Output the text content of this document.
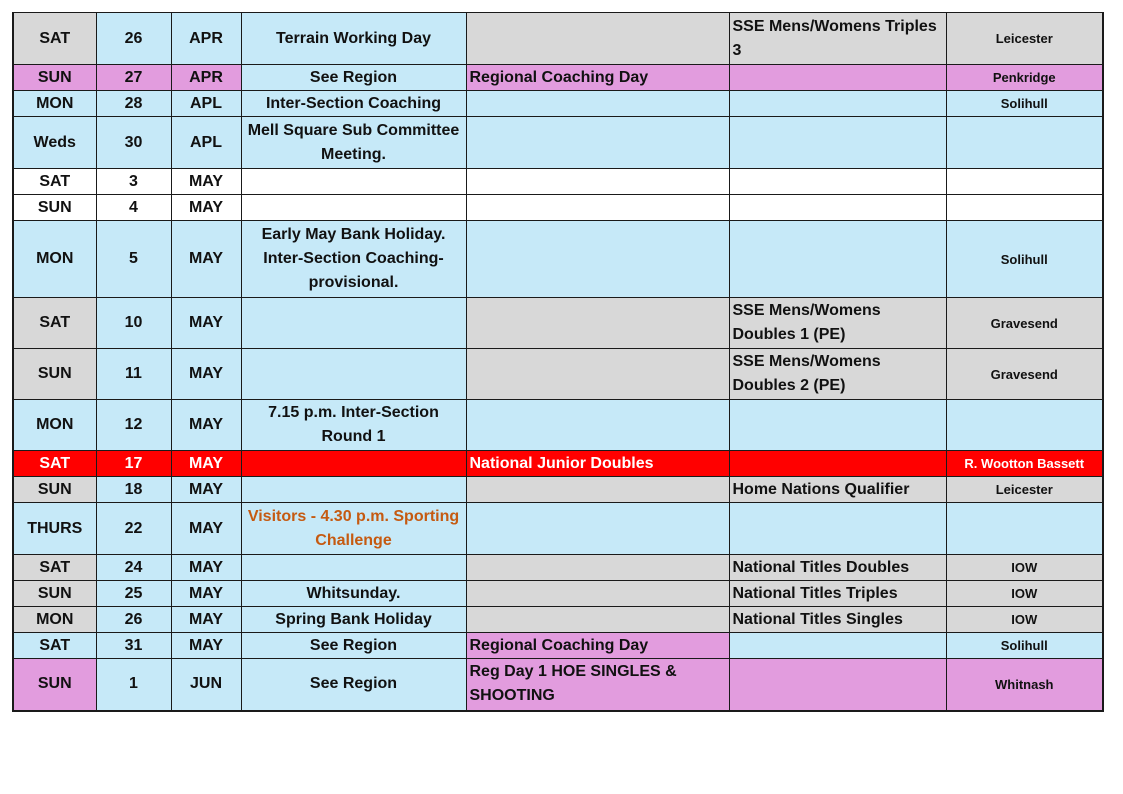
SAT	26	APR	Terrain Working Day		SSE Mens/Womens Triples 3	Leicester
SUN	27	APR	See Region	Regional Coaching Day		Penkridge
MON	28	APL	Inter-Section Coaching			Solihull
Weds	30	APL	Mell Square Sub Committee Meeting.			
SAT	3	MAY				
SUN	4	MAY				
MON	5	MAY	Early May Bank Holiday. Inter-Section Coaching-provisional.			Solihull
SAT	10	MAY			SSE Mens/Womens Doubles 1 (PE)	Gravesend
SUN	11	MAY			SSE Mens/Womens Doubles 2 (PE)	Gravesend
MON	12	MAY	7.15 p.m. Inter-Section Round 1			
SAT	17	MAY		National Junior Doubles		R. Wootton Bassett
SUN	18	MAY			Home Nations Qualifier	Leicester
THURS	22	MAY	Visitors - 4.30 p.m. Sporting Challenge			
SAT	24	MAY			National Titles Doubles	IOW
SUN	25	MAY	Whitsunday.		National Titles Triples	IOW
MON	26	MAY	Spring Bank Holiday		National Titles Singles	IOW
SAT	31	MAY	See Region	Regional Coaching Day		Solihull
SUN	1	JUN	See Region	Reg Day 1 HOE SINGLES & SHOOTING		Whitnash
